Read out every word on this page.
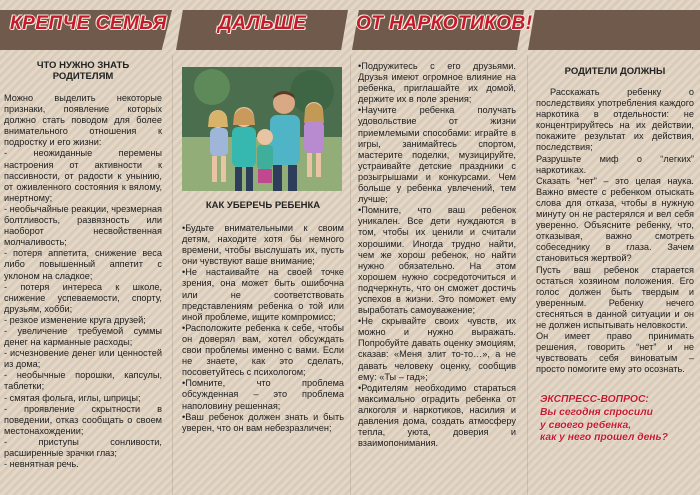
КРЕПЧЕ СЕМЬЯ	ДАЛЬШЕ	ОТ НАРКОТИКОВ!

ЧТО НУЖНО ЗНАТЬ
РОДИТЕЛЯМ

Можно выделить некоторые признаки, появление которых должно стать поводом для более внимательного отношения к подростку и его жизни:
- неожиданные перемены настроения от активности к пассивности, от радости к унынию, от оживленного состояния к вялому, инертному;
- необычайные реакции, чрезмерная болтливость, развязность или наоборот несвойственная молчаливость;
- потеря аппетита, снижение веса либо повышенный аппетит с уклоном на сладкое;
- потеря интереса к школе, снижение успеваемости, спорту, друзьям, хобби;
- резкое изменение круга друзей;
- увеличение требуемой суммы денег на карманные расходы;
- исчезновение денег или ценностей из дома;
- необычные порошки, капсулы, таблетки;
- смятая фольга, иглы, шприцы;
- проявление скрытности в поведении, отказ сообщать о своем местонахождении;
- приступы сонливости, расширенные зрачки глаз;
- невнятная речь.

КАК УБЕРЕЧЬ РЕБЕНКА

•Будьте внимательными к своим детям, находите хотя бы немного времени, чтобы выслушать их, пусть они чувствуют ваше внимание;
•Не настаивайте на своей точке зрения, она может быть ошибочна или не соответствовать представлениям ребенка о той или иной проблеме, ищите компромисс;
•Расположите ребенка к себе, чтобы он доверял вам, хотел обсуждать свои проблемы именно с вами. Если не знаете, как это сделать, посоветуйтесь с психологом;
•Помните, что проблема обсужденная – это проблема наполовину решенная;
•Ваш ребенок должен знать и быть уверен, что он вам небезразличен;

•Подружитесь с его друзьями. Друзья имеют огромное влияние на ребенка, приглашайте их домой, держите их в поле зрения;
•Научите ребенка получать удовольствие от жизни приемлемыми способами: играйте в игры, занимайтесь спортом, мастерите поделки, музицируйте, устраивайте детские праздники с розыгрышами и конкурсами. Чем больше у ребенка увлечений, тем лучше;
•Помните, что ваш ребенок уникален. Все дети нуждаются в том, чтобы их ценили и считали хорошими. Иногда трудно найти, чем же хорош ребенок, но найти нужно обязательно. На этом хорошем нужно сосредоточиться и подчеркнуть, что он сможет достичь успехов в жизни. Это поможет ему выработать самоуважение;
•Не скрывайте своих чувств, их можно и нужно выражать. Попробуйте давать оценку эмоциям, сказав: «Меня злит то-то…», а не давать человеку оценку, сообщив ему: «Ты – гад»;
•Родителям необходимо стараться максимально оградить ребенка от алкоголя и наркотиков, насилия и давления дома, создать атмосферу тепла, уюта, доверия и взаимопонимания.

РОДИТЕЛИ ДОЛЖНЫ

Расскажать ребенку о последствиях употребления каждого наркотика в отдельности: не концентрируйтесь на их действии, покажите результат их действия, последствия;
Разрушьте миф о “легких” наркотиках.
Сказать “нет” – это целая наука. Важно вместе с ребенком отыскать слова для отказа, чтобы в нужную минуту он не растерялся и вел себя уверенно. Объясните ребенку, что, отказывая, важно смотреть собеседнику в глаза. Зачем становиться жертвой?
Пусть ваш ребенок старается остаться хозяином положения. Его голос должен быть твердым и уверенным. Ребенку нечего стесняться в данной ситуации и он не должен испытывать неловкости.
Он имеет право принимать решения, говорить “нет” и не чувствовать себя виноватым – просто помогите ему это осознать.

ЭКСПРЕСС-ВОПРОС:
Вы сегодня спросили
у своего ребенка,
как у него прошел день?
